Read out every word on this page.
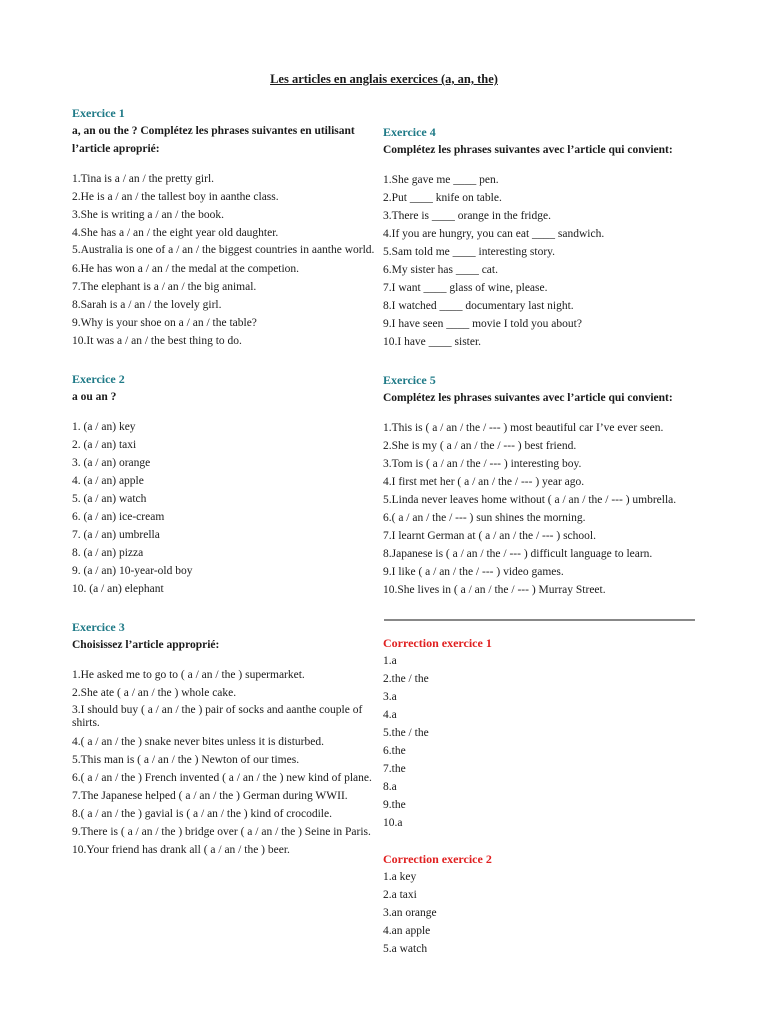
Les articles en anglais exercices (a, an, the)

Exercice 1

a, an ou the ? Complétez les phrases suivantes en utilisant l’article aproprié:

1.Tina is a / an / the pretty girl.
2.He is a / an / the tallest boy in aanthe class.
3.She is writing a / an / the book.
4.She has a / an / the eight year old daughter.
5.Australia is one of a / an / the biggest countries in aanthe world.
6.He has won a / an / the medal at the competion.
7.The elephant is a / an / the big animal.
8.Sarah is a / an / the lovely girl.
9.Why is your shoe on a / an / the table?
10.It was a / an / the best thing to do.

Exercice 2

a ou an ?

1. (a / an) key
2. (a / an) taxi
3. (a / an) orange
4. (a / an) apple
5. (a / an) watch
6. (a / an) ice-cream
7. (a / an) umbrella
8. (a / an) pizza
9. (a / an) 10-year-old boy
10. (a / an) elephant

Exercice 3

Choisissez l’article approprié:

1.He asked me to go to ( a / an / the ) supermarket.
2.She ate ( a / an / the ) whole cake.
3.I should buy ( a / an / the ) pair of socks and aanthe couple of shirts.
4.( a / an / the ) snake never bites unless it is disturbed.
5.This man is ( a / an / the ) Newton of our times.
6.( a / an / the ) French invented ( a / an / the ) new kind of plane.
7.The Japanese helped ( a / an / the ) German during WWII.
8.( a / an / the ) gavial is ( a / an / the ) kind of crocodile.
9.There is ( a / an / the ) bridge over ( a / an / the ) Seine in Paris.
10.Your friend has drank all ( a / an / the ) beer.

Exercice 4

Complétez les phrases suivantes avec l’article qui convient:

1.She gave me ____ pen.
2.Put ____ knife on table.
3.There is ____ orange in the fridge.
4.If you are hungry, you can eat ____ sandwich.
5.Sam told me ____ interesting story.
6.My sister has ____ cat.
7.I want ____ glass of wine, please.
8.I watched ____ documentary last night.
9.I have seen ____ movie I told you about?
10.I have ____ sister.

Exercice 5

Complétez les phrases suivantes avec l’article qui convient:

1.This is ( a / an / the / --- ) most beautiful car I’ve ever seen.
2.She is my ( a / an / the / --- ) best friend.
3.Tom is ( a / an / the / --- ) interesting boy.
4.I first met her ( a / an / the / --- ) year ago.
5.Linda never leaves home without ( a / an / the / --- ) umbrella.
6.( a / an / the / --- ) sun shines the morning.
7.I learnt German at ( a / an / the / --- ) school.
8.Japanese is ( a / an / the / --- ) difficult language to learn.
9.I like ( a / an / the / --- ) video games.
10.She lives in ( a / an / the / --- ) Murray Street.

Correction exercice 1

1.a
2.the / the
3.a
4.a
5.the / the
6.the
7.the
8.a
9.the
10.a

Correction exercice 2

1.a key
2.a taxi
3.an orange
4.an apple
5.a watch
